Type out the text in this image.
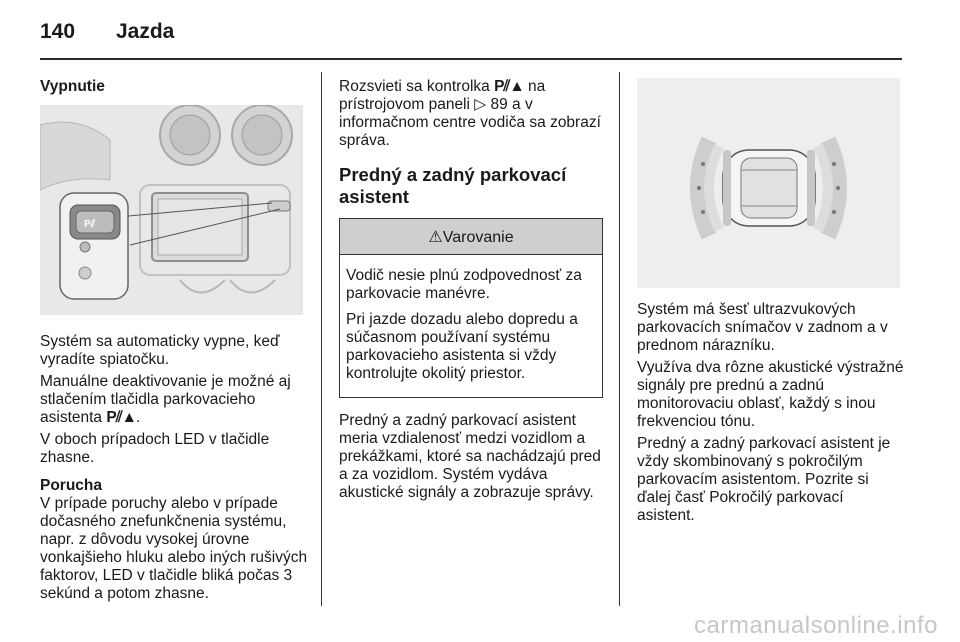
140 Jazda
Vypnutie
P⫽

Systém sa automaticky vypne, keď vyradíte spiatočku.

Manuálne deaktivovanie je možné aj stlačením tlačidla parkovacieho asistenta P⫽▲.

V oboch prípadoch LED v tlačidle zhasne.

Porucha

V prípade poruchy alebo v prípade dočasného znefunkčnenia systému, napr. z dôvodu vysokej úrovne vonkajšieho hluku alebo iných rušivých faktorov, LED v tlačidle bliká počas 3 sekúnd a potom zhasne.

Rozsvieti sa kontrolka P⫽▲ na prístrojovom paneli ▷ 89 a v informačnom centre vodiča sa zobrazí správa.

Predný a zadný parkovací asistent
⚠Varovanie

Vodič nesie plnú zodpovednosť za parkovacie manévre.

Pri jazde dozadu alebo dopredu a súčasnom používaní systému parkovacieho asistenta si vždy kontrolujte okolitý priestor.

Predný a zadný parkovací asistent meria vzdialenosť medzi vozidlom a prekážkami, ktoré sa nachádzajú pred a za vozidlom. Systém vydáva akustické signály a zobrazuje správy.

Systém má šesť ultrazvukových parkovacích snímačov v zadnom a v prednom nárazníku.

Využíva dva rôzne akustické výstražné signály pre prednú a zadnú monitorovaciu oblasť, každý s inou frekvenciou tónu.

Predný a zadný parkovací asistent je vždy skombinovaný s pokročilým parkovacím asistentom. Pozrite si ďalej časť Pokročilý parkovací asistent.

carmanualsonline.info
